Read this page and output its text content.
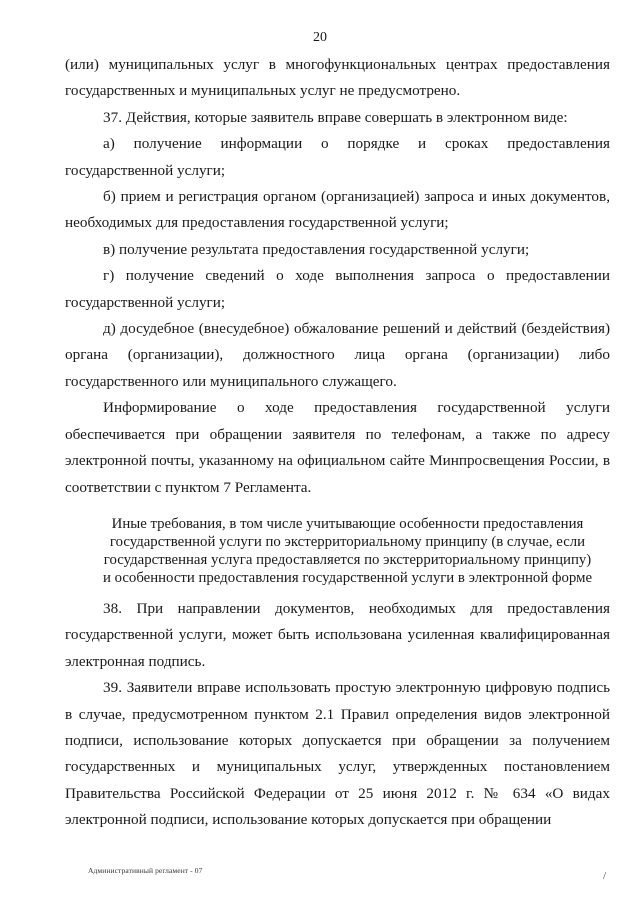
20

(или) муниципальных услуг в многофункциональных центрах предоставления государственных и муниципальных услуг не предусмотрено.

37. Действия, которые заявитель вправе совершать в электронном виде:

а) получение информации о порядке и сроках предоставления государственной услуги;

б) прием и регистрация органом (организацией) запроса и иных документов, необходимых для предоставления государственной услуги;

в) получение результата предоставления государственной услуги;

г) получение сведений о ходе выполнения запроса о предоставлении государственной услуги;

д) досудебное (внесудебное) обжалование решений и действий (бездействия) органа (организации), должностного лица органа (организации) либо государственного или муниципального служащего.

Информирование о ходе предоставления государственной услуги обеспечивается при обращении заявителя по телефонам, а также по адресу электронной почты, указанному на официальном сайте Минпросвещения России, в соответствии с пунктом 7 Регламента.

Иные требования, в том числе учитывающие особенности предоставления
государственной услуги по экстерриториальному принципу (в случае, если
государственная услуга предоставляется по экстерриториальному принципу)
и особенности предоставления государственной услуги в электронной форме

38. При направлении документов, необходимых для предоставления государственной услуги, может быть использована усиленная квалифицированная электронная подпись.

39. Заявители вправе использовать простую электронную цифровую подпись в случае, предусмотренном пунктом 2.1 Правил определения видов электронной подписи, использование которых допускается при обращении за получением государственных и муниципальных услуг, утвержденных постановлением Правительства Российской Федерации от 25 июня 2012 г. № 634 «О видах электронной подписи, использование которых допускается при обращении

Административный регламент - 07	/
